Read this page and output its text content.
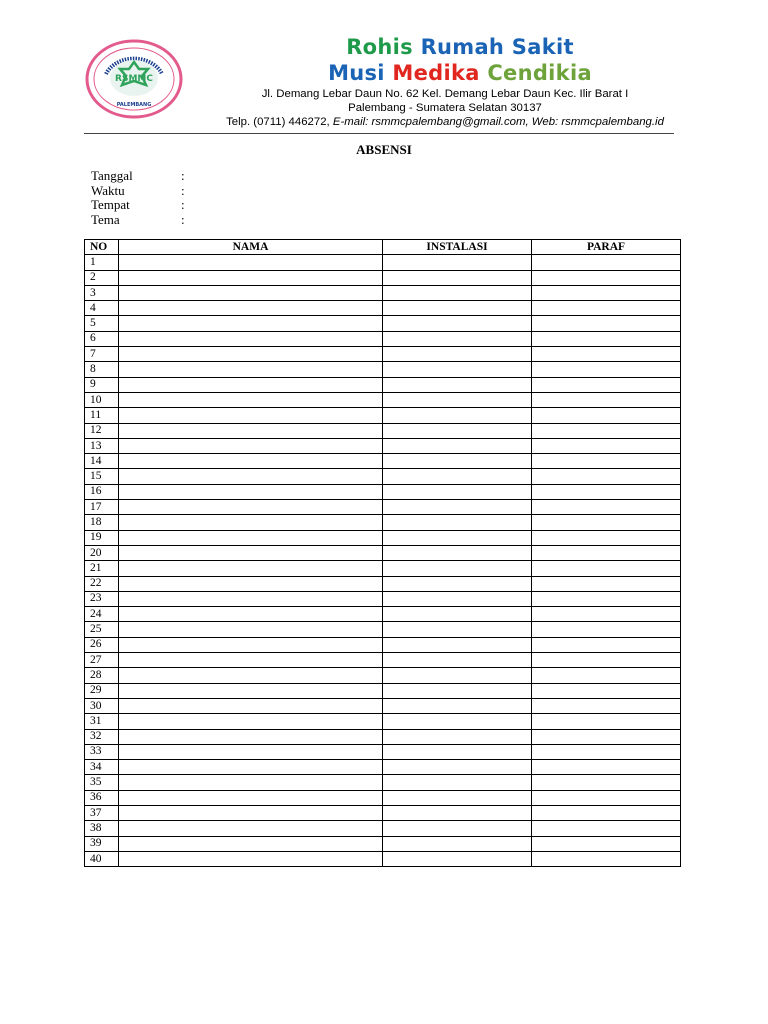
RSMMC
PALEMBANG
Rohis Rumah Sakit
Musi Medika Cendikia
Jl. Demang Lebar Daun No. 62 Kel. Demang Lebar Daun Kec. Ilir Barat I
Palembang - Sumatera Selatan 30137
Telp. (0711) 446272, E-mail: rsmmcpalembang@gmail.com, Web: rsmmcpalembang.id
ABSENSI
Tanggal	:
Waktu	:
Tempat	:
Tema	:
NO	NAMA	INSTALASI	PARAF
1			
2			
3			
4			
5			
6			
7			
8			
9			
10			
11			
12			
13			
14			
15			
16			
17			
18			
19			
20			
21			
22			
23			
24			
25			
26			
27			
28			
29			
30			
31			
32			
33			
34			
35			
36			
37			
38			
39			
40			
